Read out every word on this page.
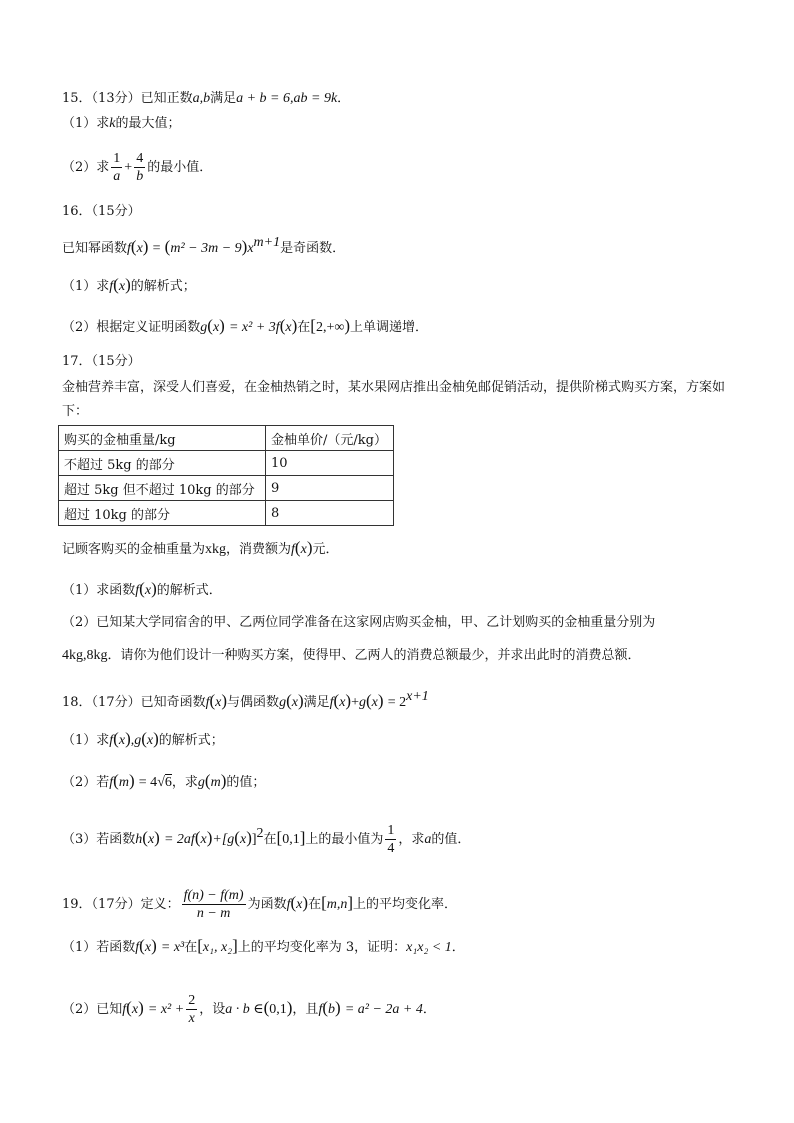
15．（13分）已知正数a,b满足a + b = 6,ab = 9k．
（1）求k的最大值；
（2）求 $\frac{1}{a} + \frac{4}{b}$ 的最小值．
16．（15分）
已知幂函数$f(x) = (m^2 - 3m - 9)x^{m+1}$是奇函数．
（1）求f(x)的解析式；
（2）根据定义证明函数g(x) = x² + 3f(x)在[2,+∞)上单调递增．
17．（15分）
金柚营养丰富，深受人们喜爱，在金柚热销之时，某水果网店推出金柚免邮促销活动，提供阶梯式购买方案，方案如下：
购买的金柚重量/kg	金柚单价/（元/kg）
不超过 5kg 的部分	10
超过 5kg 但不超过 10kg 的部分	9
超过 10kg 的部分	8
记顾客购买的金柚重量为xkg，消费额为f(x)元．
（1）求函数f(x)的解析式．
（2）已知某大学同宿舍的甲、乙两位同学准备在这家网店购买金柚，甲、乙计划购买的金柚重量分别为
4kg,8kg．请你为他们设计一种购买方案，使得甲、乙两人的消费总额最少，并求出此时的消费总额．
18．（17分）已知奇函数f(x)与偶函数g(x)满足$f(x)+g(x) = 2^{x+1}$
（1）求f(x),g(x)的解析式；
（2）若f(m) = 4√6，求g(m)的值；
（3）若函数$h(x) = 2af(x)+[g(x)]^2$在[0,1]上的最小值为 $\frac{1}{4}$ ，求a的值．
19．（17分）定义： $\frac{f(n) - f(m)}{n - m}$ 为函数f(x)在[m,n]上的平均变化率．
（1）若函数f(x) = x³在[x₁, x₂]上的平均变化率为 3，证明：x₁x₂ < 1．
（2）已知$f(x) = x^2 + \frac{2}{x}$ ，设a · b ∈(0,1)，且f(b) = a² − 2a + 4．
